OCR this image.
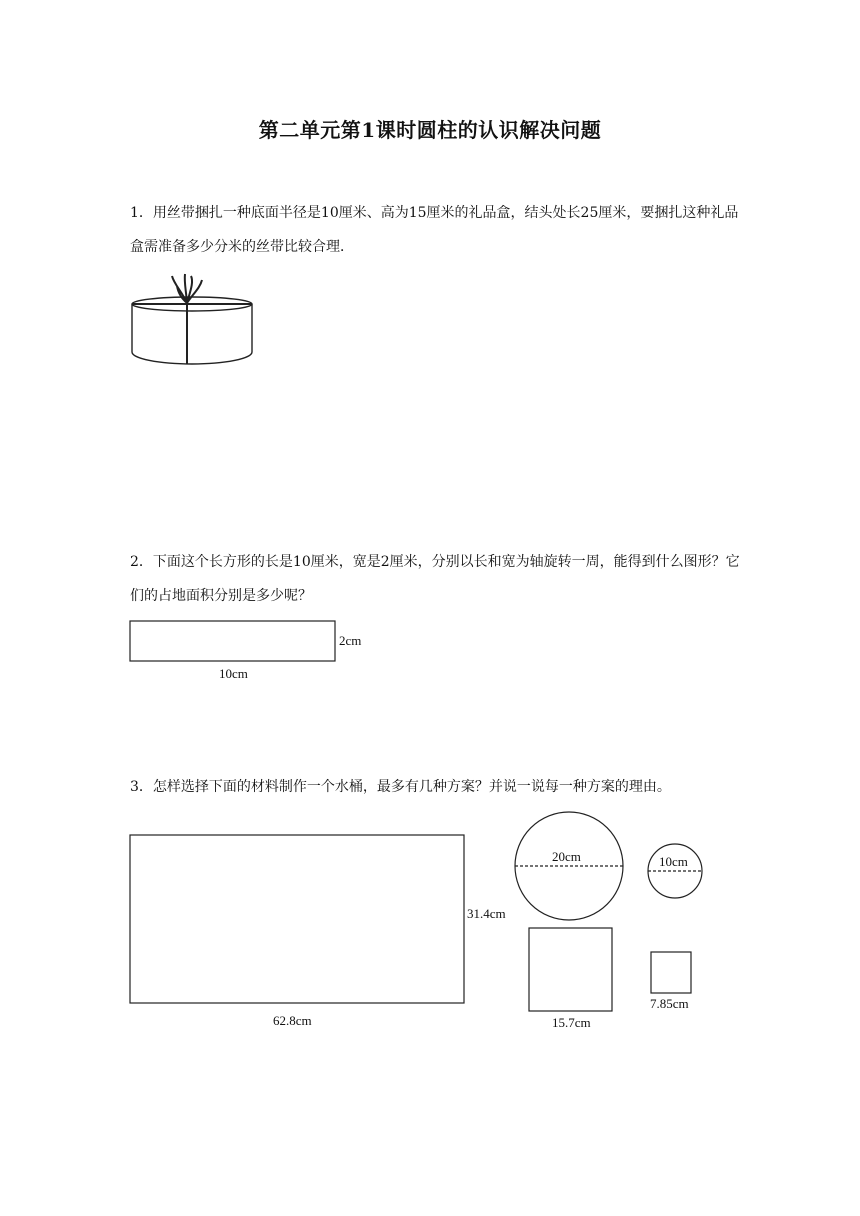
第二单元第1课时圆柱的认识解决问题
1．用丝带捆扎一种底面半径是10厘米、高为15厘米的礼品盒，结头处长25厘米，要捆扎这种礼品盒需准备多少分米的丝带比较合理．
2．下面这个长方形的长是10厘米，宽是2厘米，分别以长和宽为轴旋转一周，能得到什么图形？它们的占地面积分别是多少呢？
3．怎样选择下面的材料制作一个水桶，最多有几种方案？并说一说每一种方案的理由。
2cm
10cm
31.4cm
62.8cm
20cm	10cm
15.7cm
7.85cm
